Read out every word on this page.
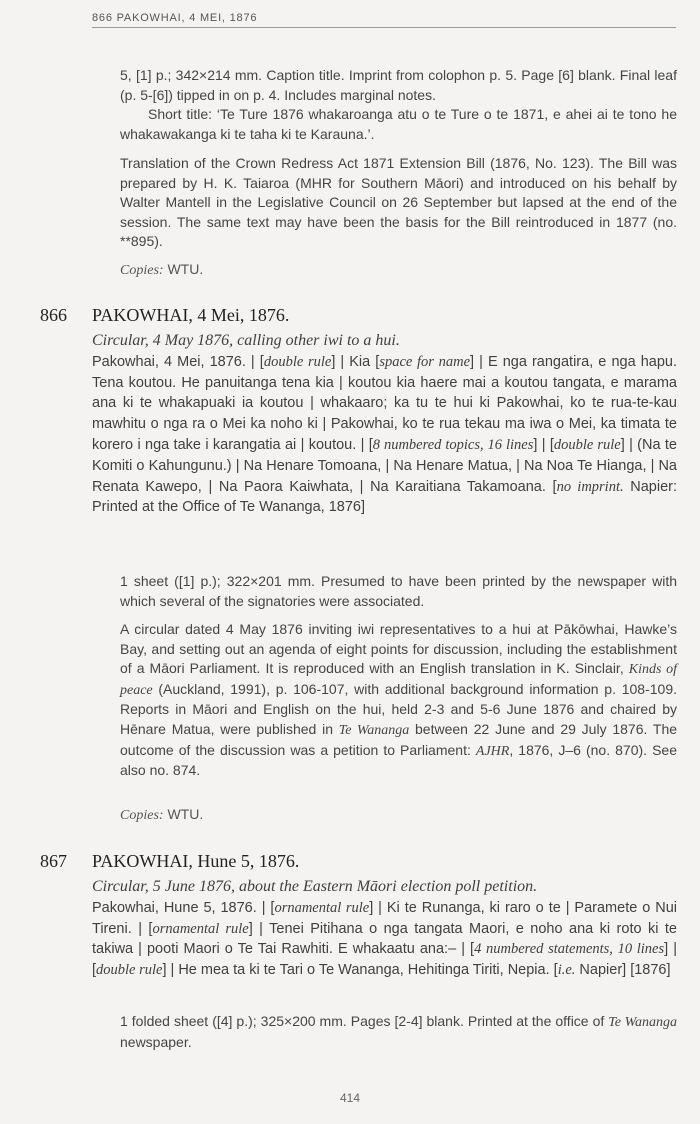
866 PAKOWHAI, 4 MEI, 1876
5, [1] p.; 342×214 mm. Caption title. Imprint from colophon p. 5. Page [6] blank. Final leaf (p. 5-[6]) tipped in on p. 4. Includes marginal notes.
Short title: ‘Te Ture 1876 whakaroanga atu o te Ture o te 1871, e ahei ai te tono he whakawakanga ki te taha ki te Karauna.’.
Translation of the Crown Redress Act 1871 Extension Bill (1876, No. 123). The Bill was prepared by H. K. Taiaroa (MHR for Southern Māori) and introduced on his behalf by Walter Mantell in the Legislative Council on 26 September but lapsed at the end of the session. The same text may have been the basis for the Bill reintroduced in 1877 (no. **895).
Copies: WTU.
866 PAKOWHAI, 4 Mei, 1876.
Circular, 4 May 1876, calling other iwi to a hui.
Pakowhai, 4 Mei, 1876. | [double rule] | Kia [space for name] | E nga rangatira, e nga hapu. Tena koutou. He panuitanga tena kia | koutou kia haere mai a koutou tangata, e marama ana ki te whakapuaki ia koutou | whakaaro; ka tu te hui ki Pakowhai, ko te rua-te-kau mawhitu o nga ra o Mei ka noho ki | Pakowhai, ko te rua tekau ma iwa o Mei, ka timata te korero i nga take i karangatia ai | koutou. | [8 numbered topics, 16 lines] | [double rule] | (Na te Komiti o Kahungunu.) | Na Henare Tomoana, | Na Henare Matua, | Na Noa Te Hianga, | Na Renata Kawepo, | Na Paora Kaiwhata, | Na Karaitiana Takamoana. [no imprint. Napier: Printed at the Office of Te Wananga, 1876]
1 sheet ([1] p.); 322×201 mm. Presumed to have been printed by the newspaper with which several of the signatories were associated.
A circular dated 4 May 1876 inviting iwi representatives to a hui at Pākōwhai, Hawke’s Bay, and setting out an agenda of eight points for discussion, including the establishment of a Māori Parliament. It is reproduced with an English translation in K. Sinclair, Kinds of peace (Auckland, 1991), p. 106-107, with additional background information p. 108-109. Reports in Māori and English on the hui, held 2-3 and 5-6 June 1876 and chaired by Hēnare Matua, were published in Te Wananga between 22 June and 29 July 1876. The outcome of the discussion was a petition to Parliament: AJHR, 1876, J–6 (no. 870). See also no. 874.
Copies: WTU.
867 PAKOWHAI, Hune 5, 1876.
Circular, 5 June 1876, about the Eastern Māori election poll petition.
Pakowhai, Hune 5, 1876. | [ornamental rule] | Ki te Runanga, ki raro o te | Paramete o Nui Tireni. | [ornamental rule] | Tenei Pitihana o nga tangata Maori, e noho ana ki roto ki te takiwa | pooti Maori o Te Tai Rawhiti. E whakaatu ana:– | [4 numbered statements, 10 lines] | [double rule] | He mea ta ki te Tari o Te Wananga, Hehitinga Tiriti, Nepia. [i.e. Napier] [1876]
1 folded sheet ([4] p.); 325×200 mm. Pages [2-4] blank. Printed at the office of Te Wananga newspaper.
414
